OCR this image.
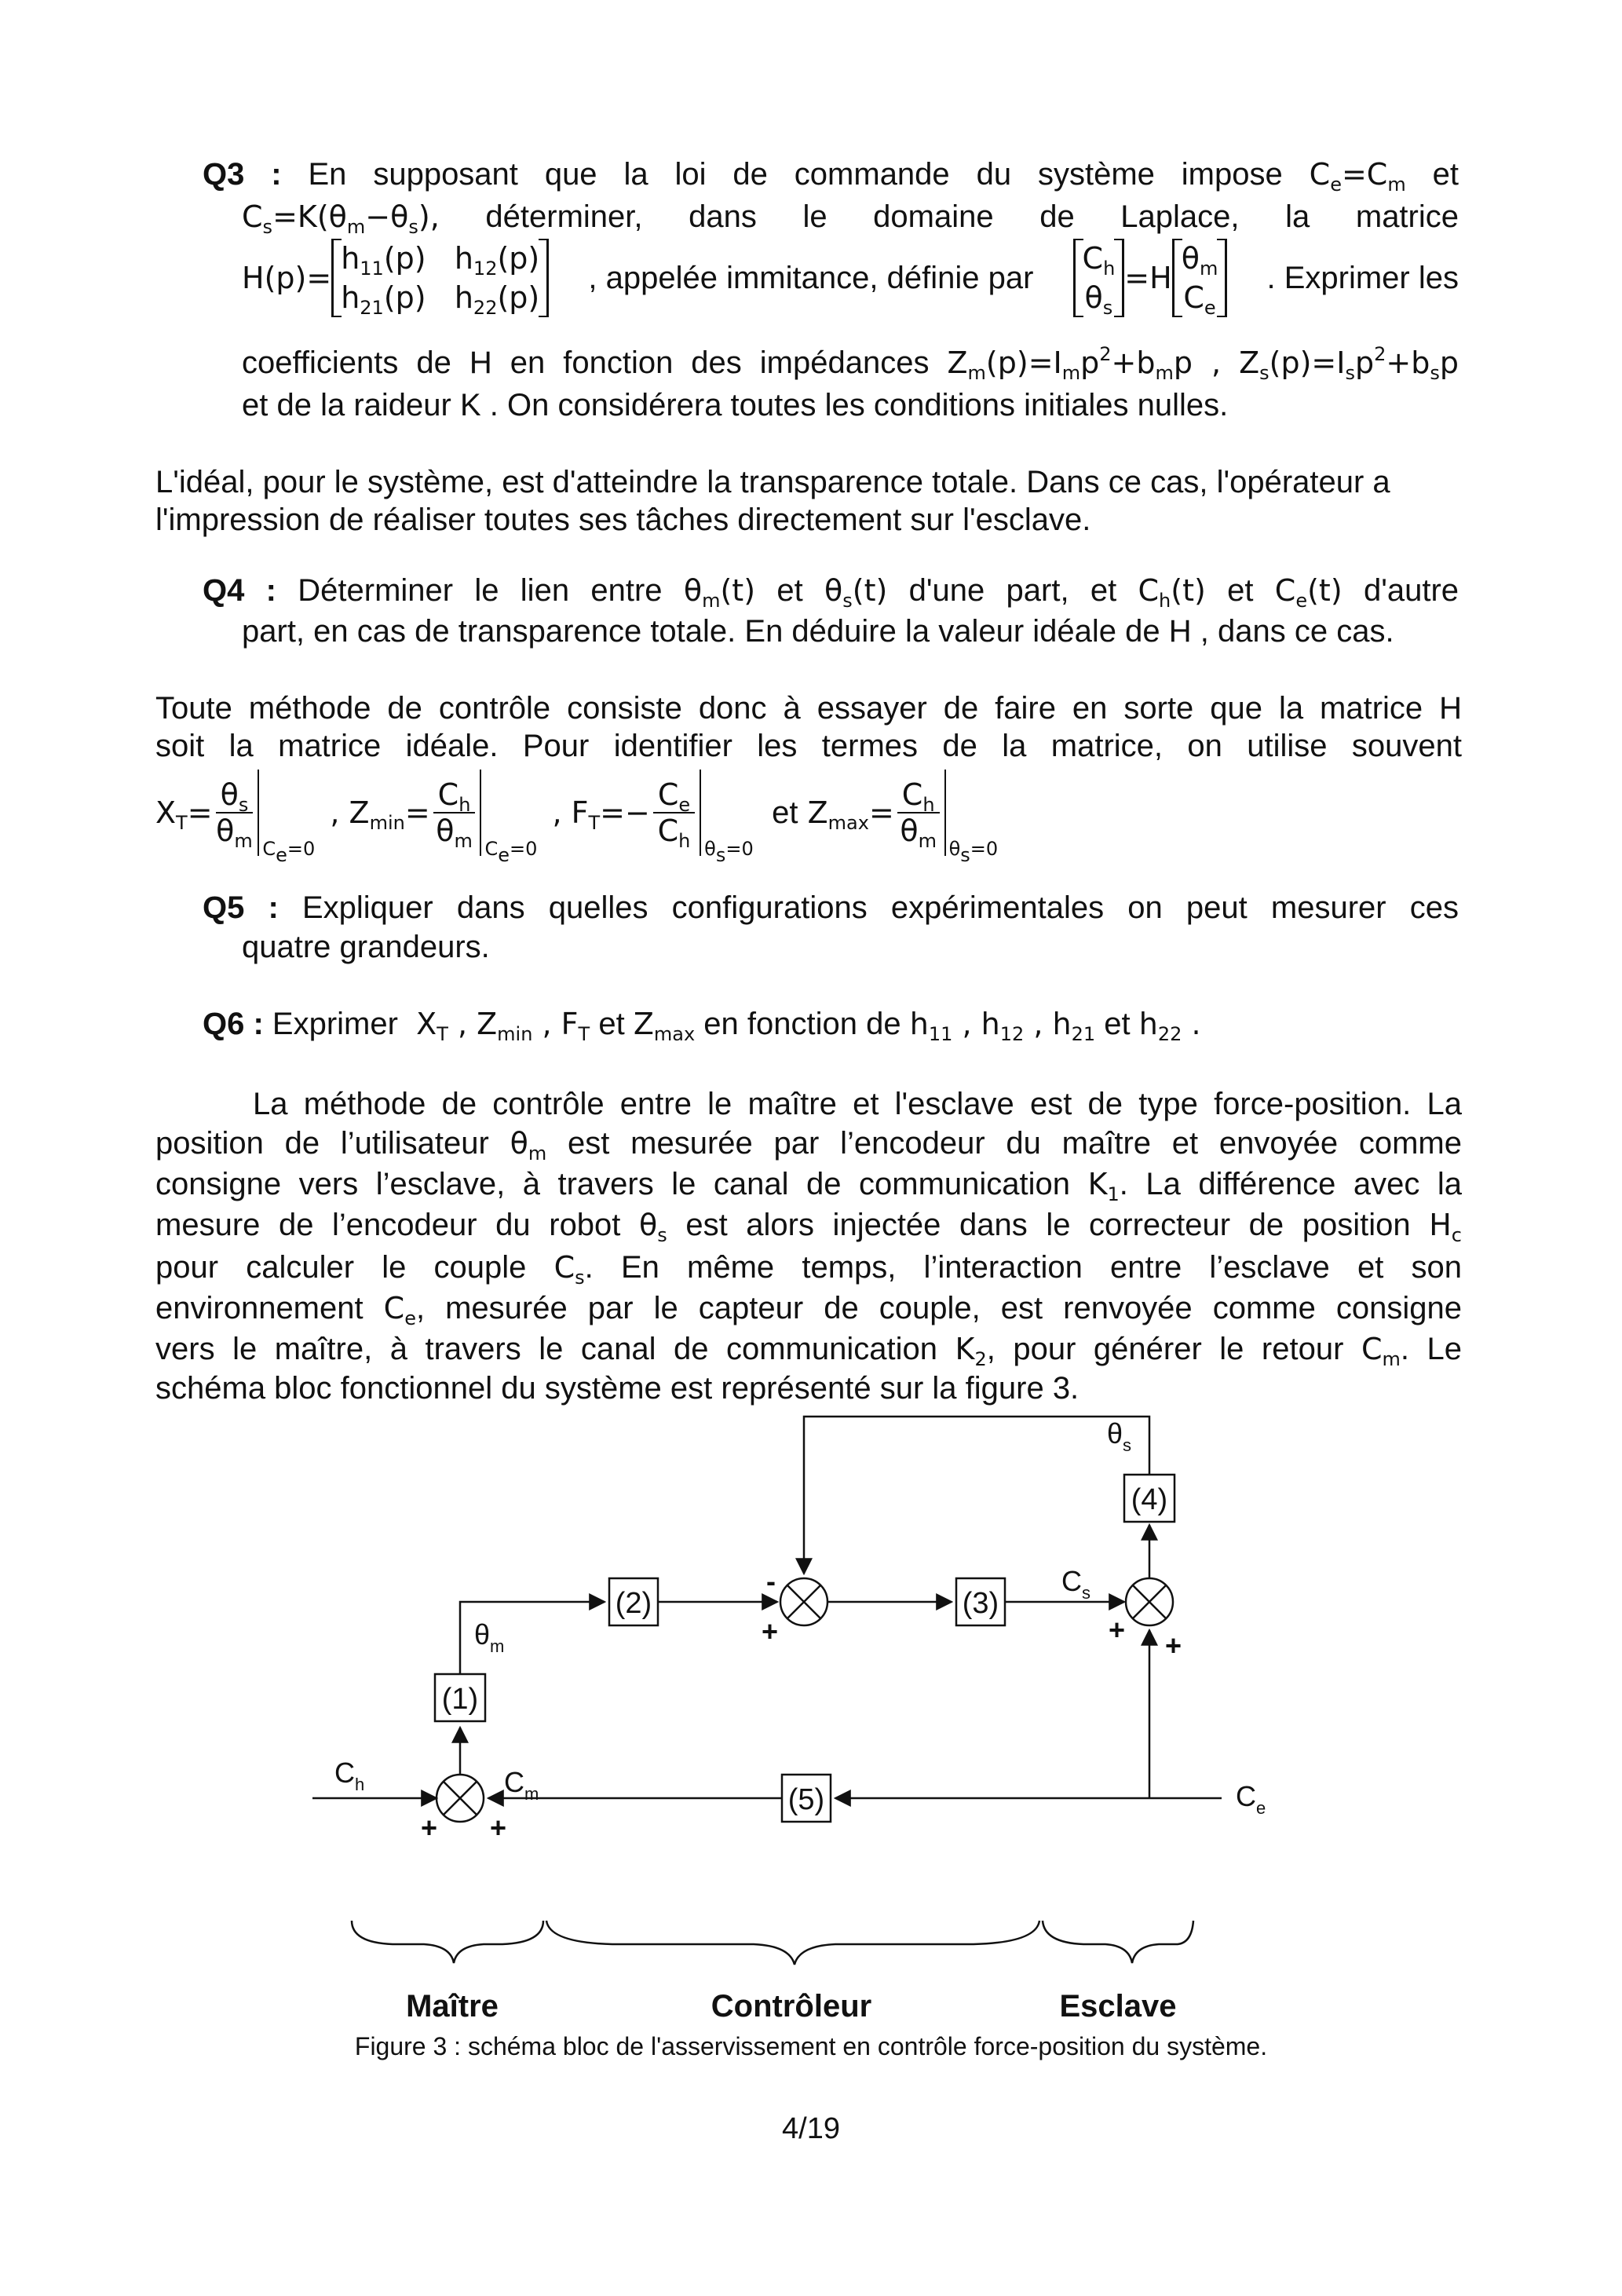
Q3 : En supposant que la loi de commande du système impose $C_e=C_m$ et
$C_s=K(\theta_m-\theta_s)$, déterminer, dans le domaine de Laplace, la matrice
H(p)=
$h_{11}(p)$   $h_{12}(p)$
$h_{21}(p)$   $h_{22}(p)$
, appelée immitance, définie par
$C_h$
$\theta_s$
=H
$\theta_m$
$C_e$
. Exprimer les
coefficients de H en fonction des impédances $Z_m(p)=I_mp^2+b_mp$ , $Z_s(p)=I_sp^2+b_sp$
et de la raideur K . On considérera toutes les conditions initiales nulles.
L'idéal, pour le système, est d'atteindre la transparence totale. Dans ce cas, l'opérateur a
l'impression de réaliser toutes ses tâches directement sur l'esclave.
Q4 : Déterminer le lien entre $\theta_m(t)$ et $\theta_s(t)$ d'une part, et $C_h(t)$ et $C_e(t)$ d'autre
part, en cas de transparence totale. En déduire la valeur idéale de H , dans ce cas.
Toute méthode de contrôle consiste donc à essayer de faire en sorte que la matrice H
soit la matrice idéale. Pour identifier les termes de la matrice, on utilise souvent
$X_T= \frac{\theta_s}{\theta_m}$
$C_e=0$
,
$Z_{min}= \frac{C_h}{\theta_m}$
$C_e=0$
,
$F_T=- \frac{C_e}{C_h}$
$\theta_s=0$
et
$Z_{max}= \frac{C_h}{\theta_m}$
$\theta_s=0$
Q5 : Expliquer dans quelles configurations expérimentales on peut mesurer ces
quatre grandeurs.
Q6 : Exprimer  $X_T$ , $Z_{min}$ , $F_T$ et $Z_{max}$ en fonction de $h_{11}$ , $h_{12}$ , $h_{21}$ et $h_{22}$ .
La méthode de contrôle entre le maître et l'esclave est de type force-position. La
position de l’utilisateur $\theta_m$ est mesurée par l’encodeur du maître et envoyée comme
consigne vers l’esclave, à travers le canal de communication $K_1$. La différence avec la
mesure de l’encodeur du robot $\theta_s$ est alors injectée dans le correcteur de position $H_c$
pour calculer le couple $C_s$. En même temps, l’interaction entre l’esclave et son
environnement $C_e$, mesurée par le capteur de couple, est renvoyée comme consigne
vers le maître, à travers le canal de communication $K_2$, pour générer le retour $C_m$. Le
schéma bloc fonctionnel du système est représenté sur la figure 3.
(1)
(2)	(3)
(4)
(5)
+ +
-
+	+ +
$C_h$	$C_m$
$\theta_m$
$C_s$
$\theta_s$
$C_e$
Maître	Contrôleur	Esclave
Figure 3 : schéma bloc de l'asservissement en contrôle force-position du système.
4/19
